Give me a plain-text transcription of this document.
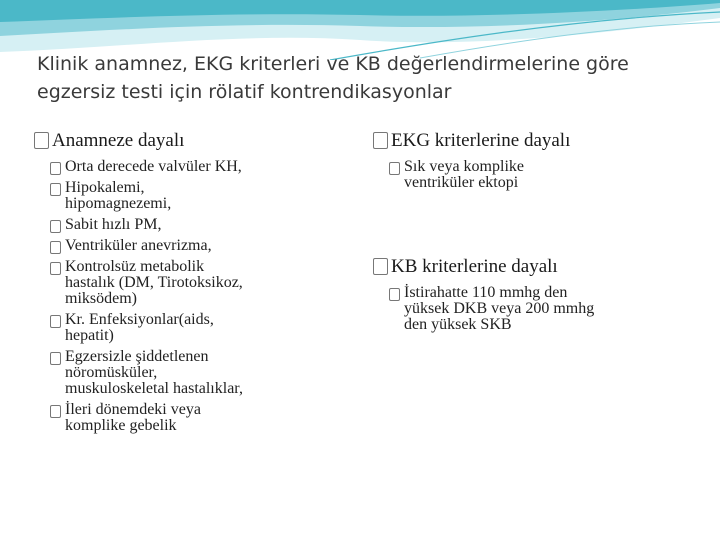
Klinik anamnez, EKG kriterleri ve KB değerlendirmelerine göre
egzersiz testi için rölatif kontrendikasyonlar
Anamneze dayalı
Orta derecede valvüler KH,
Hipokalemi,
hipomagnezemi,
Sabit hızlı PM,
Ventriküler anevrizma,
Kontrolsüz metabolik
hastalık (DM, Tirotoksikoz,
miksödem)
Kr. Enfeksiyonlar(aids,
hepatit)
Egzersizle şiddetlenen
nöromüsküler,
muskuloskeletal hastalıklar,
İleri dönemdeki veya
komplike gebelik
EKG kriterlerine dayalı
Sık veya komplike
ventriküler ektopi
KB kriterlerine dayalı
İstirahatte 110 mmhg den
yüksek DKB veya 200 mmhg
den yüksek SKB
